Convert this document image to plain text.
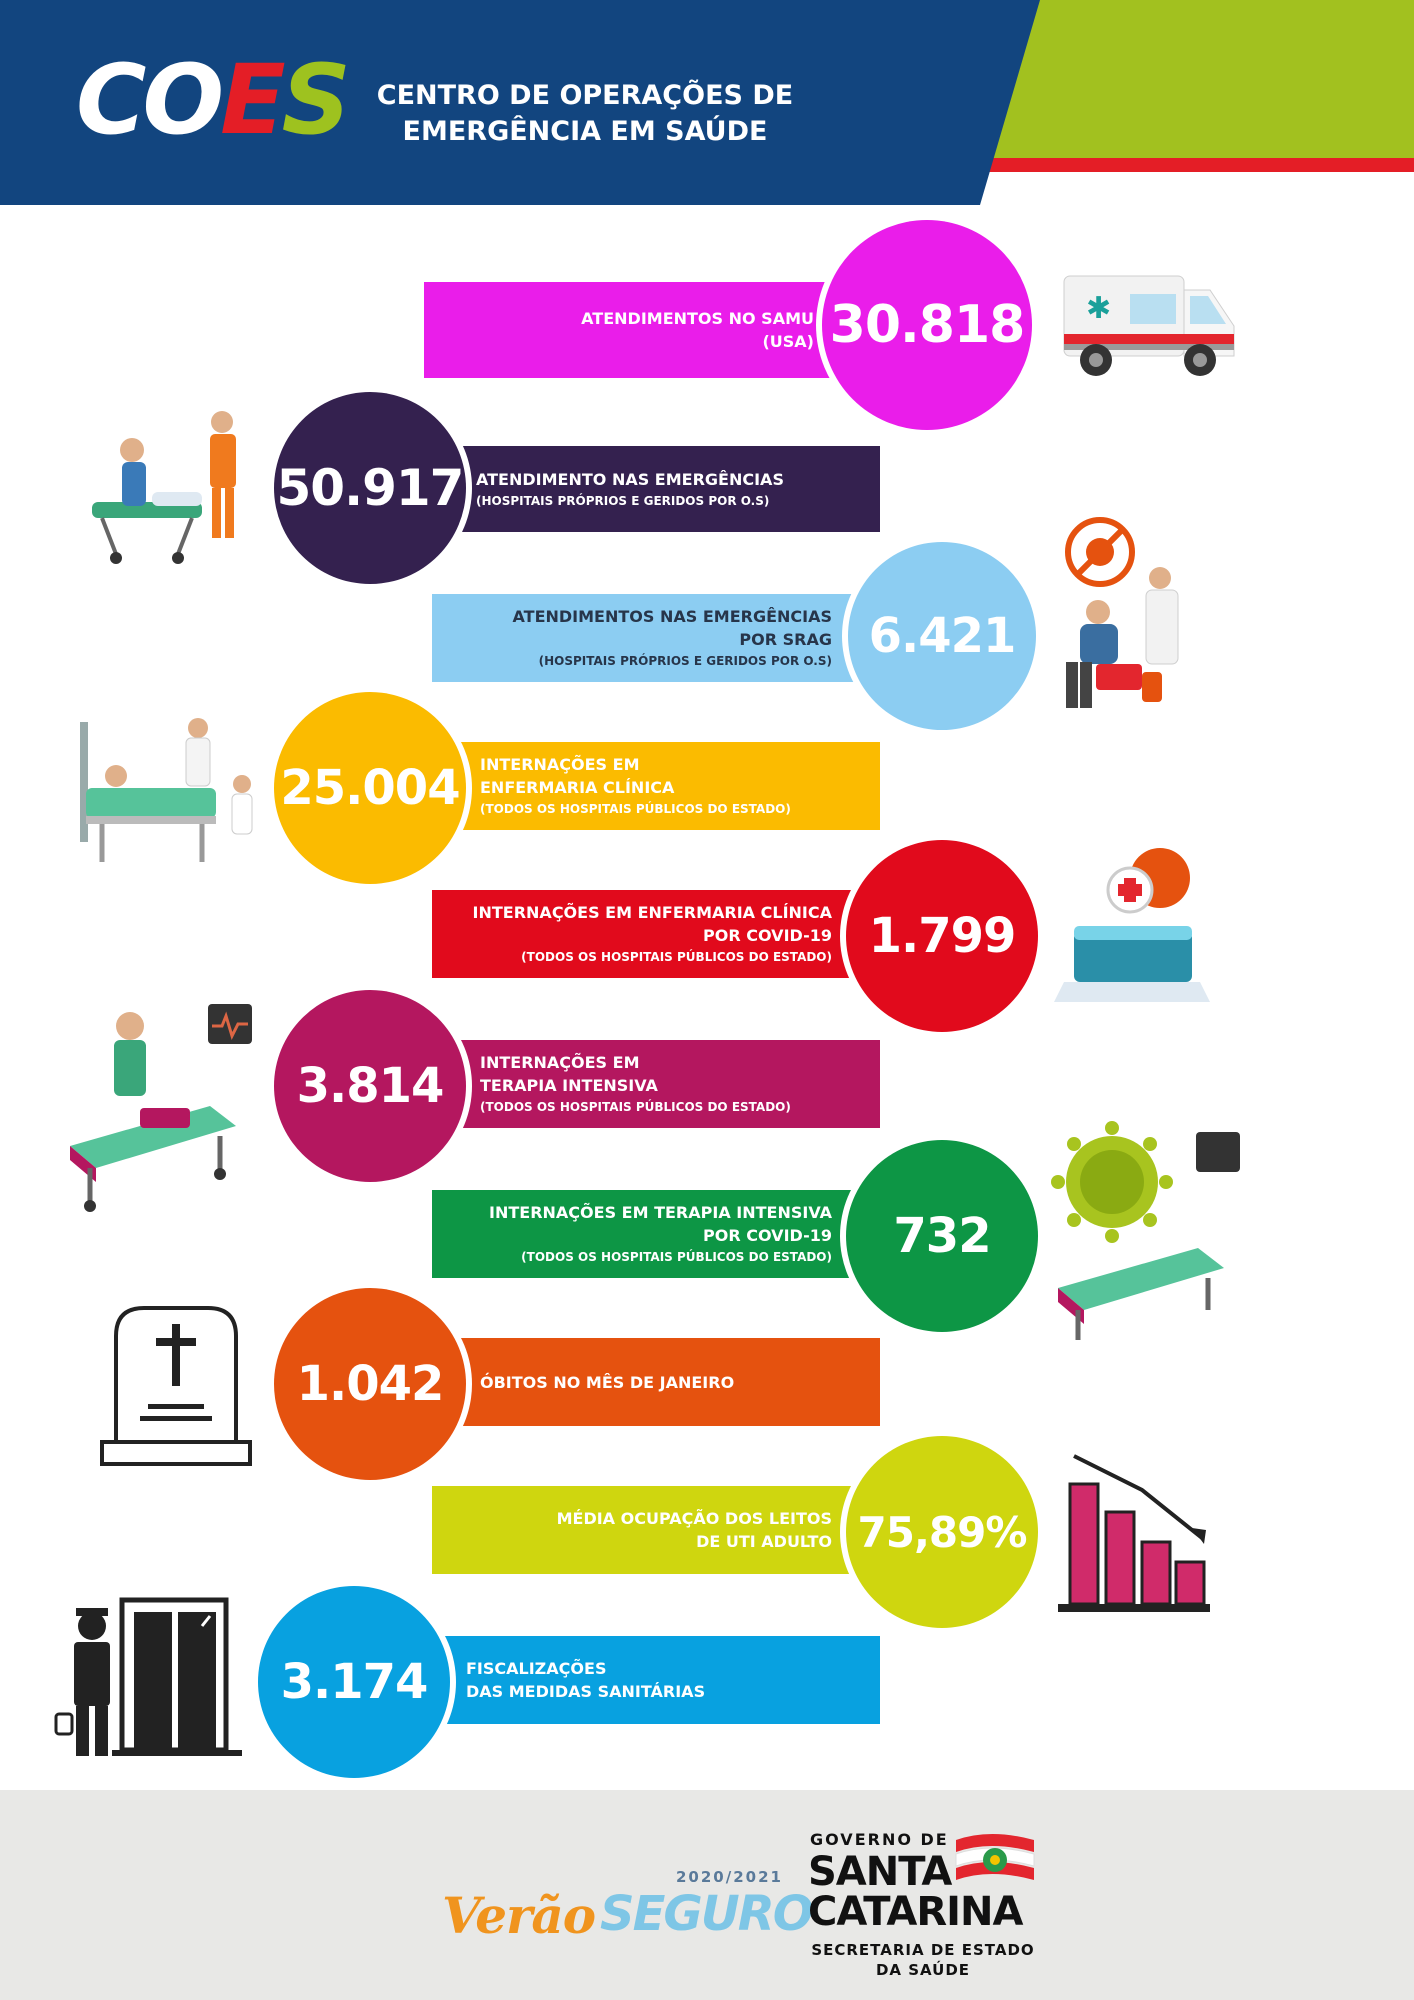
COES CENTRO DE OPERAÇÕES DE
EMERGÊNCIA EM SAÚDE
ATENDIMENTOS NO SAMU
(USA) 30.818 ✱
ATENDIMENTO NAS EMERGÊNCIAS
(HOSPITAIS PRÓPRIOS E GERIDOS POR O.S)
50.917
ATENDIMENTOS NAS EMERGÊNCIAS
POR SRAG
(HOSPITAIS PRÓPRIOS E GERIDOS POR O.S) 6.421
INTERNAÇÕES EM
ENFERMARIA CLÍNICA
(TODOS OS HOSPITAIS PÚBLICOS DO ESTADO)
25.004
INTERNAÇÕES EM ENFERMARIA CLÍNICA
POR COVID-19
(TODOS OS HOSPITAIS PÚBLICOS DO ESTADO) 1.799
INTERNAÇÕES EM
TERAPIA INTENSIVA
(TODOS OS HOSPITAIS PÚBLICOS DO ESTADO)
3.814
INTERNAÇÕES EM TERAPIA INTENSIVA
POR COVID-19
(TODOS OS HOSPITAIS PÚBLICOS DO ESTADO)	732
ÓBITOS NO MÊS DE JANEIRO
1.042
MÉDIA OCUPAÇÃO DOS LEITOS
DE UTI ADULTO 75,89%
FISCALIZAÇÕES
DAS MEDIDAS SANITÁRIAS
3.174
2020/2021
Verão SEGURO
GOVERNO DE
SANTA
CATARINA
SECRETARIA DE ESTADO
DA SAÚDE
